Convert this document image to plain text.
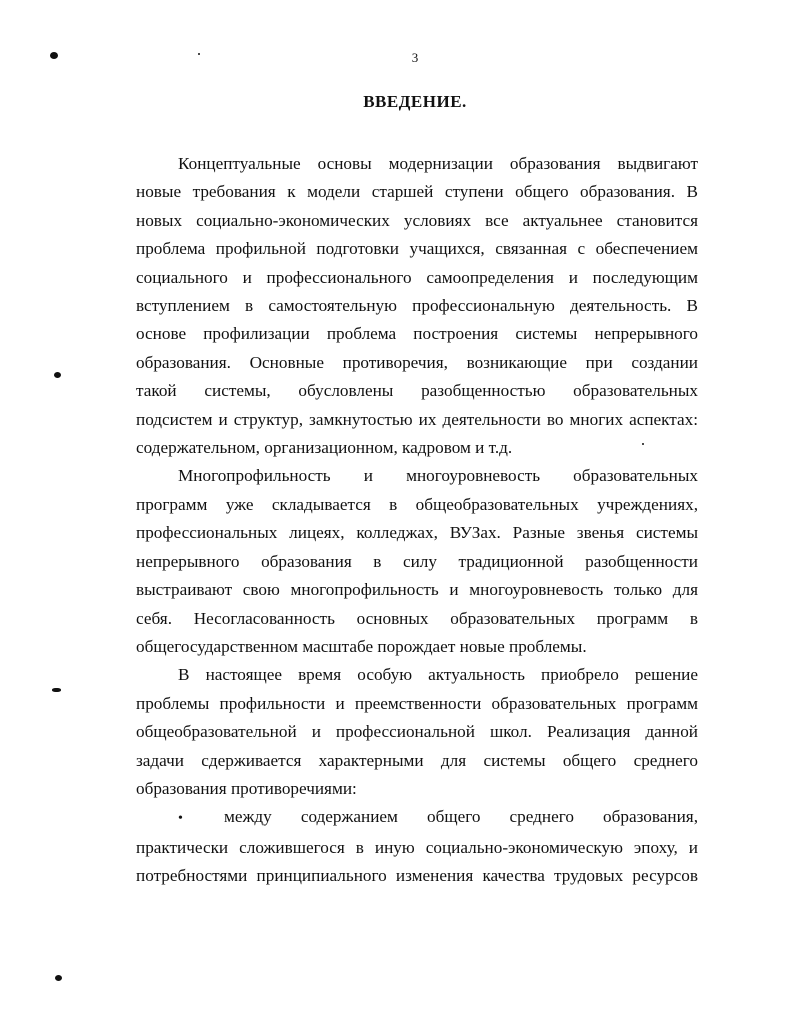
3
ВВЕДЕНИЕ.

Концептуальные основы модернизации образования выдвигают
новые требования к модели старшей ступени общего образования. В
новых социально-экономических условиях все актуальнее становится
проблема профильной подготовки учащихся, связанная с обеспечением
социального и профессионального самоопределения и последующим
вступлением в самостоятельную профессиональную деятельность. В
основе профилизации проблема построения системы непрерывного
образования. Основные противоречия, возникающие при создании
такой системы, обусловлены разобщенностью образовательных
подсистем и структур, замкнутостью их деятельности во многих аспектах:
содержательном, организационном, кадровом и т.д.

Многопрофильность и многоуровневость образовательных
программ уже складывается в общеобразовательных учреждениях,
профессиональных лицеях, колледжах, ВУЗах. Разные звенья системы
непрерывного образования в силу традиционной разобщенности
выстраивают свою многопрофильность и многоуровневость только для
себя. Несогласованность основных образовательных программ в
общегосударственном масштабе порождает новые проблемы.

В настоящее время особую актуальность приобрело решение
проблемы профильности и преемственности образовательных программ
общеобразовательной и профессиональной школ. Реализация данной
задачи сдерживается характерными для системы общего среднего
образования противоречиями:

•	между содержанием общего среднего образования,
практически сложившегося в иную социально-экономическую эпоху, и
потребностями принципиального изменения качества трудовых ресурсов
